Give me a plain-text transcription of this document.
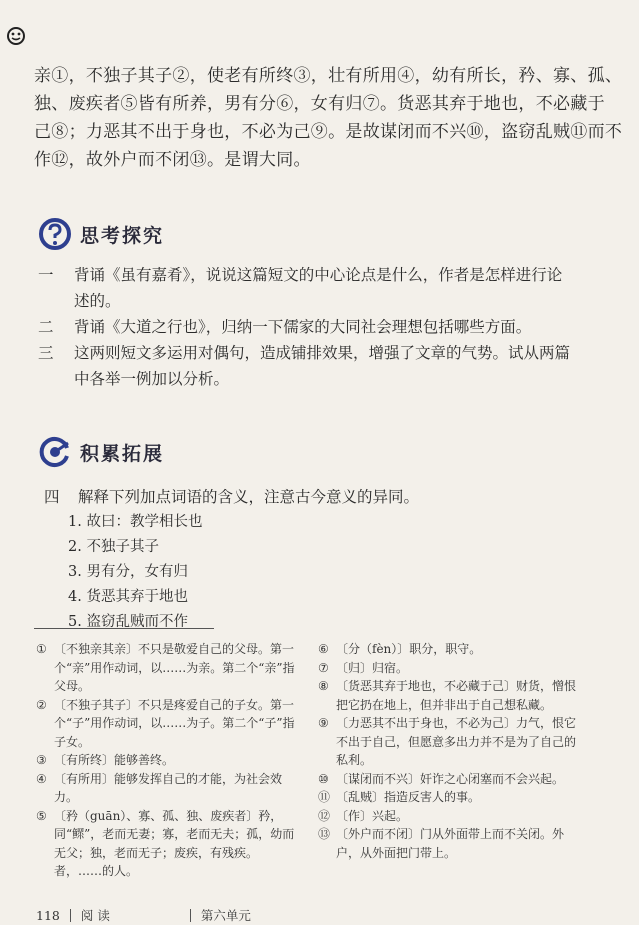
亲①，不独子其子②，使老有所终③，壮有所用④，幼有所长，矜、寡、孤、
独、废疾者⑤皆有所养，男有分⑥，女有归⑦。货恶其弃于地也，不必藏于
己⑧；力恶其不出于身也，不必为己⑨。是故谋闭而不兴⑩，盗窃乱贼⑪而不
作⑫，故外户而不闭⑬。是谓大同。
思考探究
一	背诵《虽有嘉肴》，说说这篇短文的中心论点是什么，作者是怎样进行论
述的。
二	背诵《大道之行也》，归纳一下儒家的大同社会理想包括哪些方面。
三	这两则短文多运用对偶句，造成铺排效果，增强了文章的气势。试从两篇
中各举一例加以分析。
积累拓展
四 解释下列加点词语的含义，注意古今意义的异同。
1. 故曰：教学相长也
2. 不独子其子
3. 男有分，女有归
4. 货恶其弃于地也
5. 盗窃乱贼而不作
① 〔不独亲其亲〕不只是敬爱自己的父母。第一个“亲”用作动词，以……为亲。第二个“亲”指父母。
② 〔不独子其子〕不只是疼爱自己的子女。第一个“子”用作动词，以……为子。第二个“子”指子女。
③ 〔有所终〕能够善终。
④ 〔有所用〕能够发挥自己的才能，为社会效力。
⑤ 〔矜（guān）、寡、孤、独、废疾者〕矜，同“鳏”，老而无妻；寡，老而无夫；孤，幼而无父；独，老而无子；废疾，有残疾。者，……的人。
⑥ 〔分（fèn）〕职分，职守。
⑦ 〔归〕归宿。
⑧ 〔货恶其弃于地也，不必藏于己〕财货，憎恨把它扔在地上，但并非出于自己想私藏。
⑨ 〔力恶其不出于身也，不必为己〕力气，恨它不出于自己，但愿意多出力并不是为了自己的私利。
⑩ 〔谋闭而不兴〕奸诈之心闭塞而不会兴起。
⑪ 〔乱贼〕指造反害人的事。
⑫ 〔作〕兴起。
⑬ 〔外户而不闭〕门从外面带上而不关闭。外户，从外面把门带上。
118 阅 读	第六单元
